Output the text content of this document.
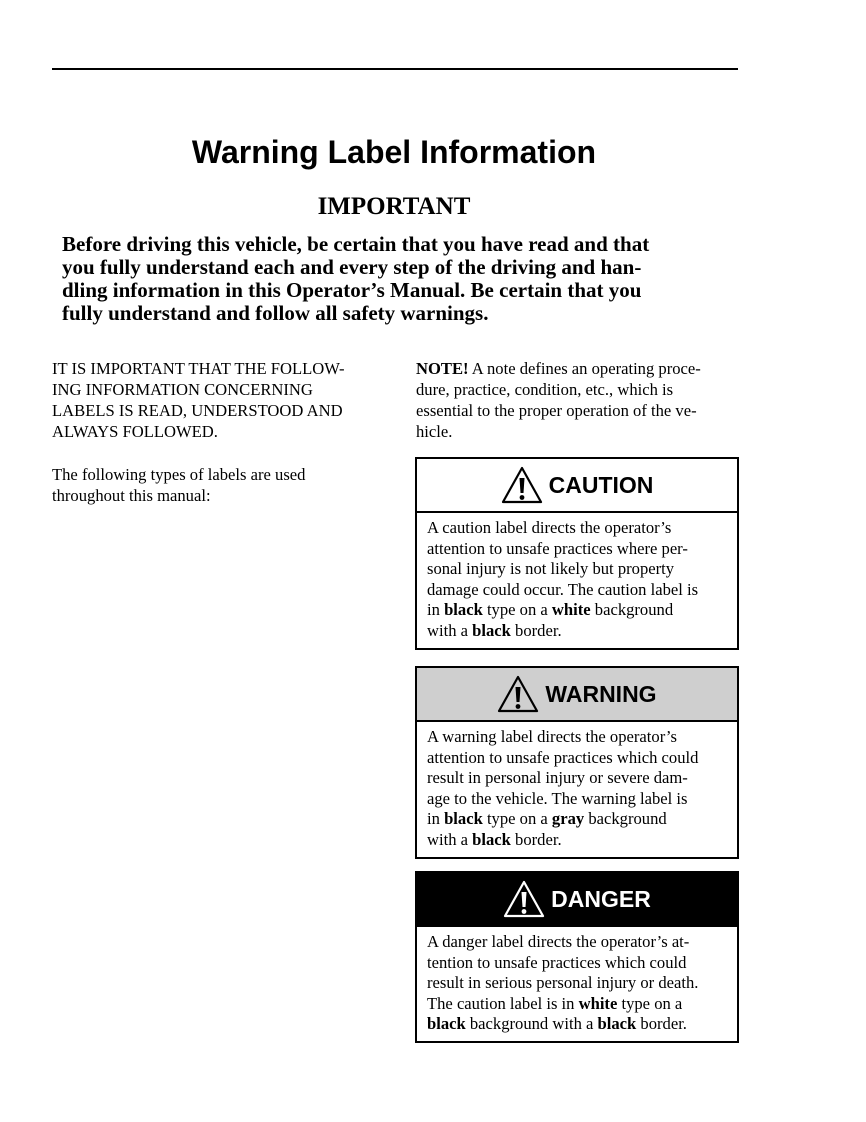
Warning Label Information
IMPORTANT

Before driving this vehicle, be certain that you have read and that
you fully understand each and every step of the driving and han-
dling information in this Operator’s Manual. Be certain that you
fully understand and follow all safety warnings.

IT IS IMPORTANT THAT THE FOLLOW-
ING INFORMATION CONCERNING
LABELS IS READ, UNDERSTOOD AND
ALWAYS FOLLOWED.
The following types of labels are used
throughout this manual:
NOTE! A note defines an operating proce-
dure, practice, condition, etc., which is
essential to the proper operation of the ve-
hicle.
CAUTION
A caution label directs the operator’s
attention to unsafe practices where per-
sonal injury is not likely but property
damage could occur. The caution label is
in black type on a white background
with a black border.
WARNING
A warning label directs the operator’s
attention to unsafe practices which could
result in personal injury or severe dam-
age to the vehicle. The warning label is
in black type on a gray background
with a black border.
DANGER
A danger label directs the operator’s at-
tention to unsafe practices which could
result in serious personal injury or death.
The caution label is in white type on a
black background with a black border.
